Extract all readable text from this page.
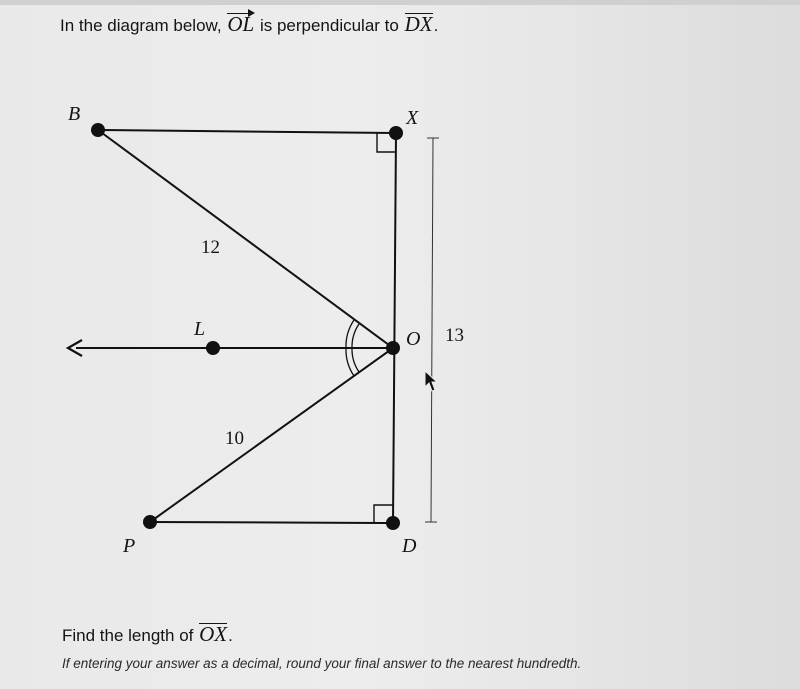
In the diagram below, OL is perpendicular to DX.
B	X
L	O
P	D
12
10
13
Find the length of OX.
If entering your answer as a decimal, round your final answer to the nearest hundredth.
